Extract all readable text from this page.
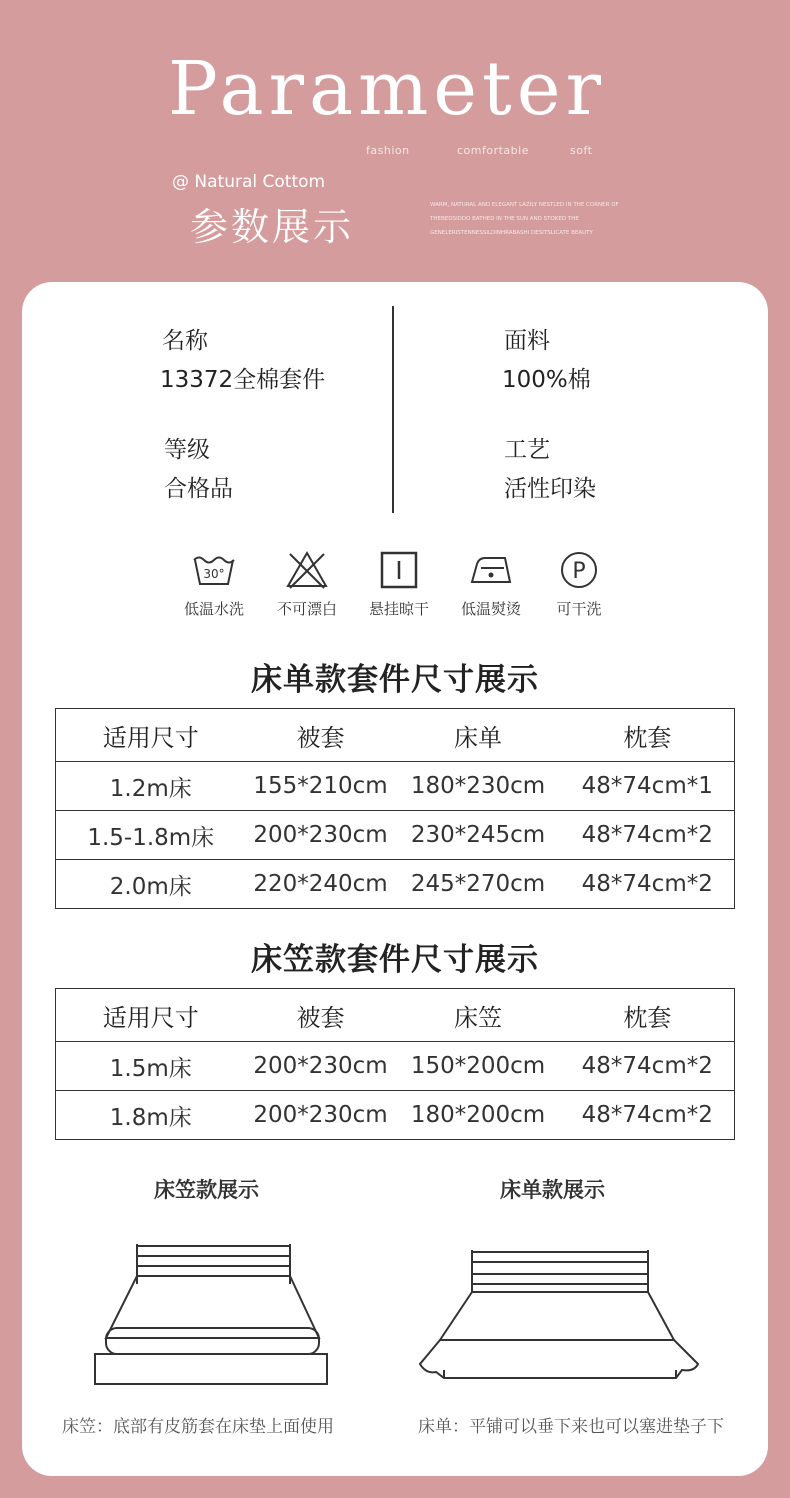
Parameter
fashion	comfortable	soft
@ Natural Cottom
参数展示	WARM, NATURAL AND ELEGANT LAZILY NESTLED IN THE CORNER OF THEBEDSIDDO BATHED IN THE SUN AND STOKED THE GENELERISTENNESSILDINHRABASHI DESITSLICATE BEAUTY
名称
13372全棉套件
等级
合格品
面料
100%棉
工艺
活性印染
30°
低温水洗	不可漂白	悬挂晾干	低温熨烫
P
可干洗
床单款套件尺寸展示
适用尺寸	被套	床单	枕套
1.2m床	155*210cm	180*230cm	48*74cm*1
1.5-1.8m床	200*230cm	230*245cm	48*74cm*2
2.0m床	220*240cm	245*270cm	48*74cm*2
床笠款套件尺寸展示
适用尺寸	被套	床笠	枕套
1.5m床	200*230cm	150*200cm	48*74cm*2
1.8m床	200*230cm	180*200cm	48*74cm*2
床笠款展示	床单款展示
床笠：底部有皮筋套在床垫上面使用	床单：平铺可以垂下来也可以塞进垫子下
